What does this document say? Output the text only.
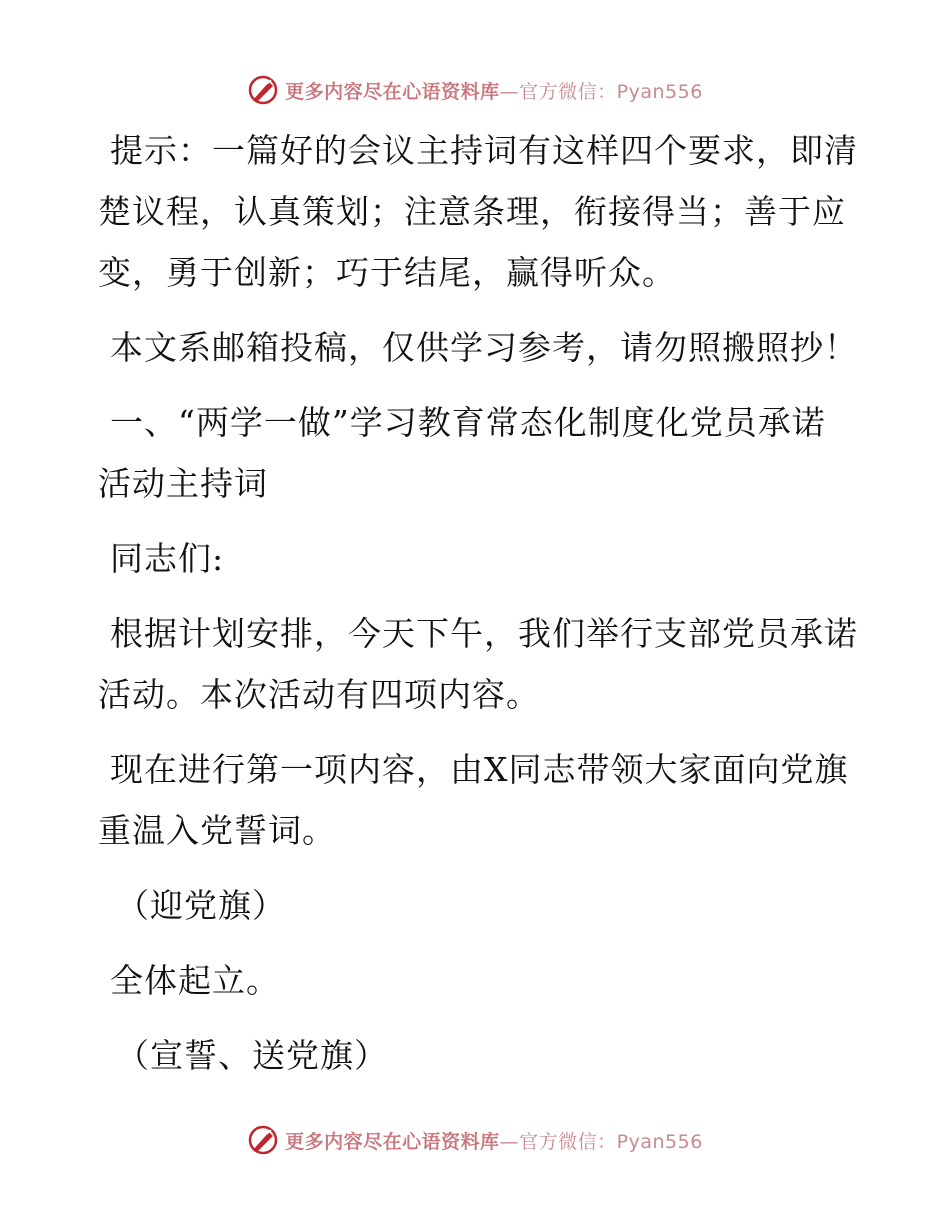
更多内容尽在心语资料库—官方微信：Pyan556

提示：一篇好的会议主持词有这样四个要求，即清楚议程，认真策划；注意条理，衔接得当；善于应变，勇于创新；巧于结尾，赢得听众。

本文系邮箱投稿，仅供学习参考，请勿照搬照抄！

一、“两学一做”学习教育常态化制度化党员承诺活动主持词

同志们:

根据计划安排，今天下午，我们举行支部党员承诺活动。本次活动有四项内容。

现在进行第一项内容，由X同志带领大家面向党旗重温入党誓词。

（迎党旗）

全体起立。

（宣誓、送党旗）

更多内容尽在心语资料库—官方微信：Pyan556
